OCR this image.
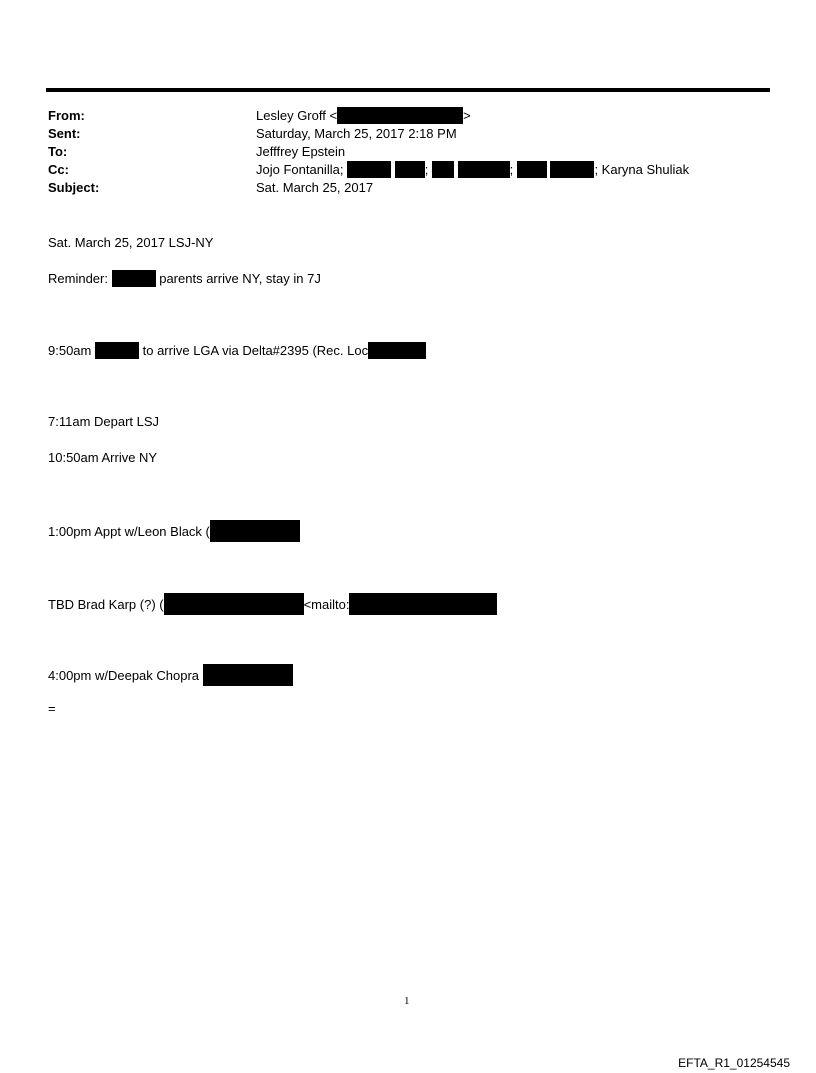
From:	Lesley Groff <	>
Sent:	Saturday, March 25, 2017 2:18 PM
To:	Jefffrey Epstein
Cc:	Jojo Fontanilla;	;	;	; Karyna Shuliak
Subject:	Sat. March 25, 2017
Sat. March 25, 2017 LSJ-NY
Reminder:	parents arrive NY, stay in 7J
9:50am	to arrive LGA via Delta#2395 (Rec. Loc
7:11am Depart LSJ
10:50am Arrive NY
1:00pm Appt w/Leon Black (
TBD Brad Karp (?) (	<mailto:
4:00pm w/Deepak Chopra
=
1
EFTA_R1_01254545
